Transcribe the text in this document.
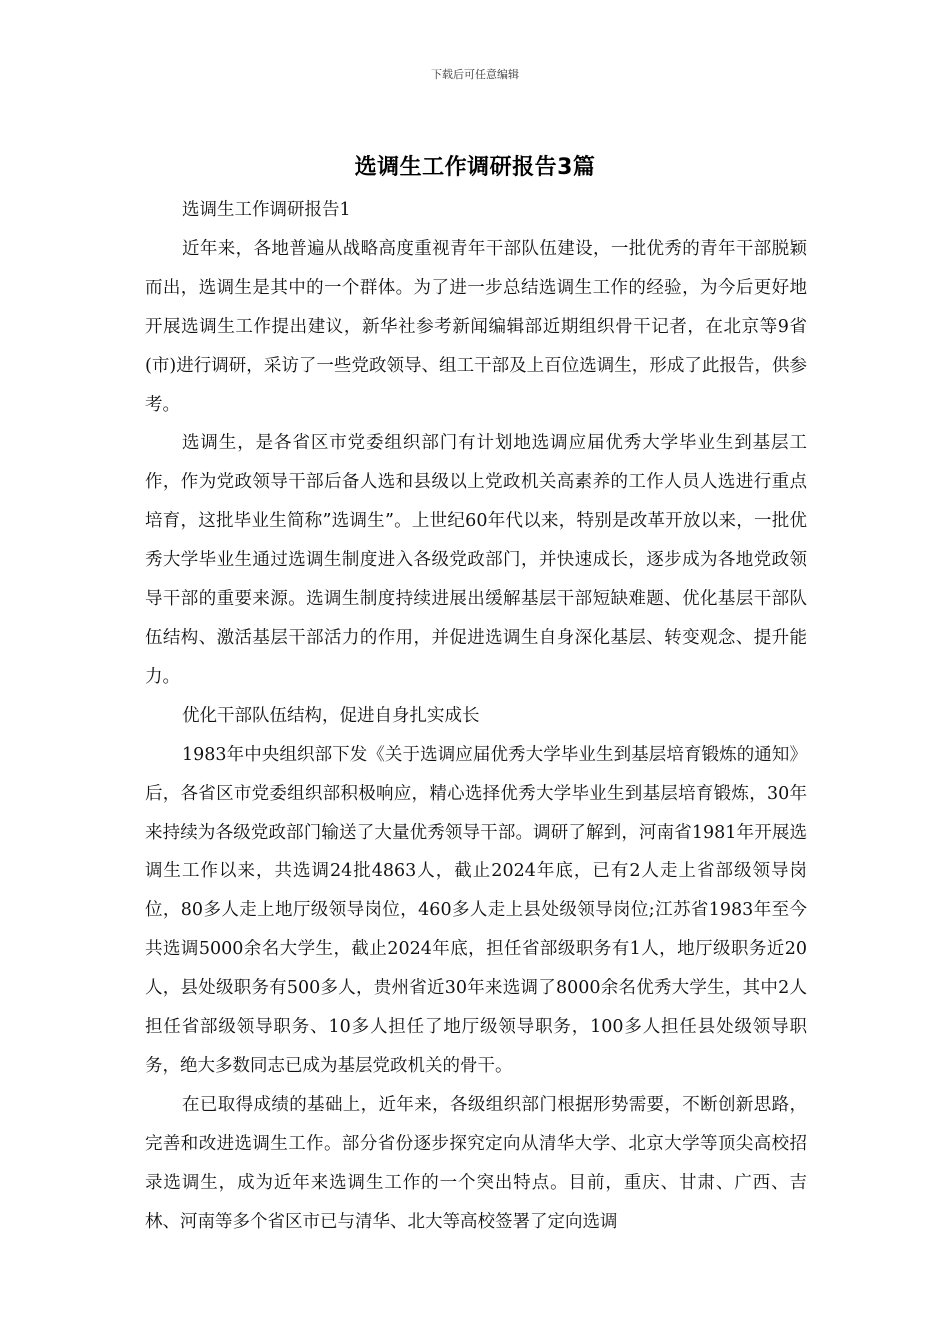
下载后可任意编辑
选调生工作调研报告3篇

选调生工作调研报告1

近年来，各地普遍从战略高度重视青年干部队伍建设，一批优秀的青年干部脱颖而出，选调生是其中的一个群体。为了进一步总结选调生工作的经验，为今后更好地开展选调生工作提出建议，新华社参考新闻编辑部近期组织骨干记者，在北京等9省(市)进行调研，采访了一些党政领导、组工干部及上百位选调生，形成了此报告，供参考。

选调生，是各省区市党委组织部门有计划地选调应届优秀大学毕业生到基层工作，作为党政领导干部后备人选和县级以上党政机关高素养的工作人员人选进行重点培育，这批毕业生简称”选调生”。上世纪60年代以来，特别是改革开放以来，一批优秀大学毕业生通过选调生制度进入各级党政部门，并快速成长，逐步成为各地党政领导干部的重要来源。选调生制度持续进展出缓解基层干部短缺难题、优化基层干部队伍结构、激活基层干部活力的作用，并促进选调生自身深化基层、转变观念、提升能力。

优化干部队伍结构，促进自身扎实成长

1983年中央组织部下发《关于选调应届优秀大学毕业生到基层培育锻炼的通知》后，各省区市党委组织部积极响应，精心选择优秀大学毕业生到基层培育锻炼，30年来持续为各级党政部门输送了大量优秀领导干部。调研了解到，河南省1981年开展选调生工作以来，共选调24批4863人，截止2024年底，已有2人走上省部级领导岗位，80多人走上地厅级领导岗位，460多人走上县处级领导岗位;江苏省1983年至今共选调5000余名大学生，截止2024年底，担任省部级职务有1人，地厅级职务近20人，县处级职务有500多人，贵州省近30年来选调了8000余名优秀大学生，其中2人担任省部级领导职务、10多人担任了地厅级领导职务，100多人担任县处级领导职务，绝大多数同志已成为基层党政机关的骨干。

在已取得成绩的基础上，近年来，各级组织部门根据形势需要，不断创新思路，完善和改进选调生工作。部分省份逐步探究定向从清华大学、北京大学等顶尖高校招录选调生，成为近年来选调生工作的一个突出特点。目前，重庆、甘肃、广西、吉林、河南等多个省区市已与清华、北大等高校签署了定向选调
